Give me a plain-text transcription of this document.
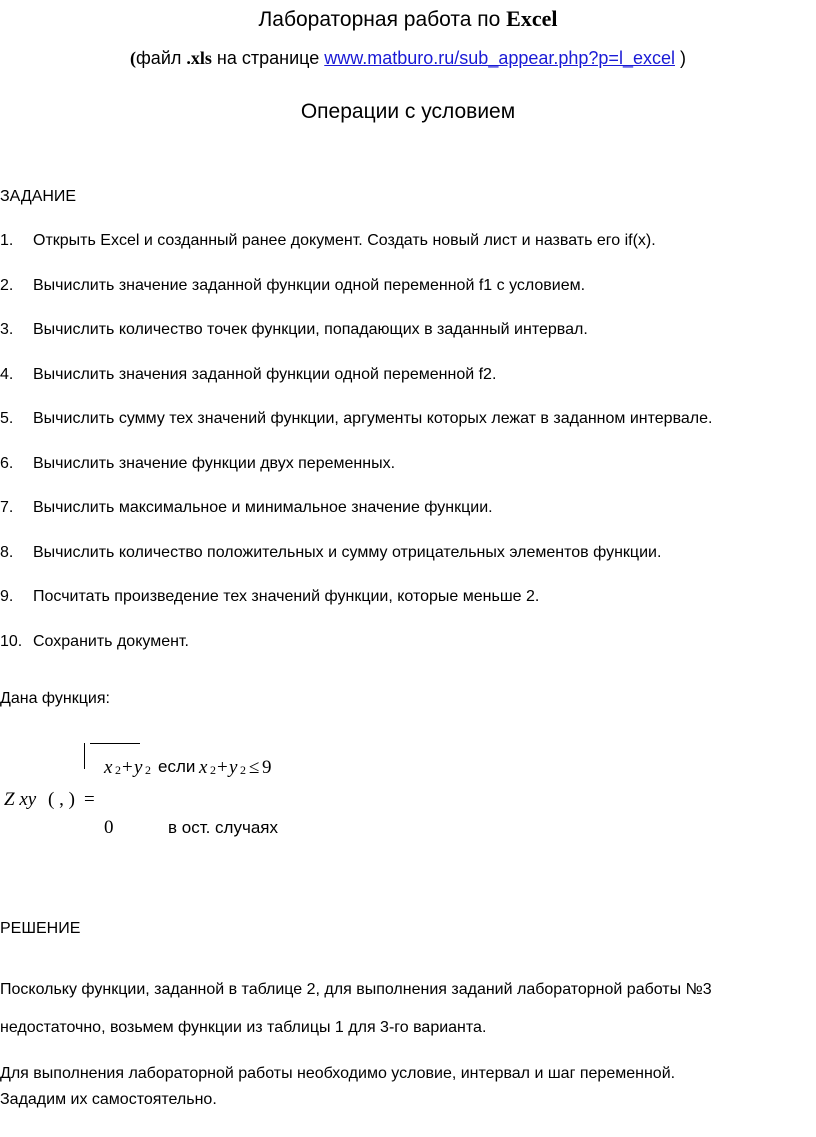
Лабораторная работа по Excel
(файл .xls на странице www.matburo.ru/sub_appear.php?p=l_excel )
Операции с условием
ЗАДАНИЕ
1. Открыть Excel и созданный ранее документ. Создать новый лист и назвать его if(x).
2. Вычислить значение заданной функции одной переменной f1 с условием.
3. Вычислить количество точек функции, попадающих в заданный интервал.
4. Вычислить значения заданной функции одной переменной f2.
5. Вычислить сумму тех значений функции, аргументы которых лежат в заданном интервале.
6. Вычислить значение функции двух переменных.
7. Вычислить максимальное и минимальное значение функции.
8. Вычислить количество положительных и сумму отрицательных элементов функции.
9. Посчитать произведение тех значений функции, которые меньше 2.
10. Сохранить документ.
Дана функция:
x 2 + y 2 если x 2 + y 2 ≤ 9
Z xy ( , ) =
0	в ост. случаях
РЕШЕНИЕ
Поскольку функции, заданной в таблице 2, для выполнения заданий лабораторной работы №3
недостаточно, возьмем функции из таблицы 1 для 3-го варианта.
Для выполнения лабораторной работы необходимо условие, интервал и шаг переменной.
Зададим их самостоятельно.
